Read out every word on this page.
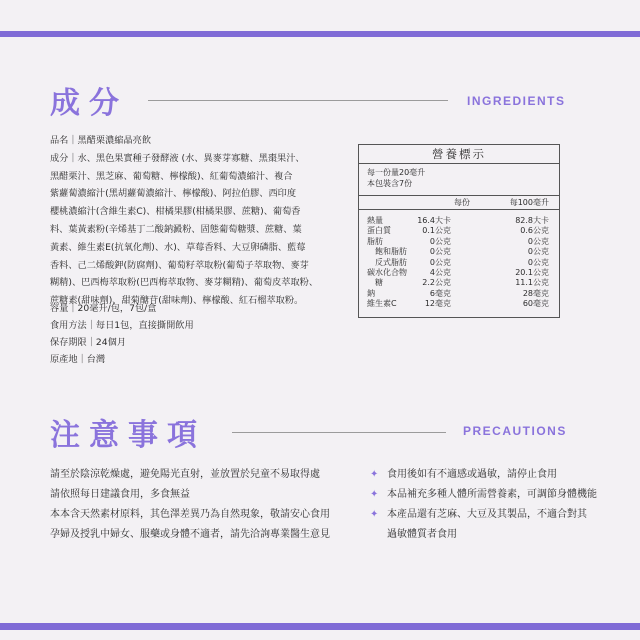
成分	INGREDIENTS

品名｜黑醋栗濃縮晶亮飲

成分｜水、黑色果實種子發酵液 (水、異麥芽寡糖、黑棗果汁、

黑醋栗汁、黑芝麻、葡萄糖、檸檬酸)、紅葡萄濃縮汁、複合

紫蘿蔔濃縮汁(黑胡蘿蔔濃縮汁、檸檬酸)、阿拉伯膠、西印度

櫻桃濃縮汁(含維生素C)、柑橘果膠(柑橘果膠、蔗糖)、葡萄香

料、葉黃素粉(辛烯基丁二酸鈉澱粉、固態葡萄糖漿、蔗糖、葉

黃素、維生素E(抗氧化劑)、水)、草莓香料、大豆卵磷脂、藍莓

香料、己二烯酸鉀(防腐劑)、葡萄籽萃取粉(葡萄子萃取物、麥芽

糊精)、巴西梅萃取粉(巴西梅萃取物、麥芽糊精)、葡萄皮萃取粉、

蔗糖素(甜味劑)、甜菊醣苷(甜味劑)、檸檬酸、紅石榴萃取粉。

容量｜20毫升/包，7包/盒
食用方法｜每日1包，直接撕開飲用
保存期限｜24個月
原產地｜台灣
營養標示
每一份量20毫升
本包裝含7份
每份	每100毫升
熱量	16.4大卡	82.8大卡
蛋白質	0.1公克	0.6公克
脂肪	0公克	0公克
飽和脂肪	0公克	0公克
反式脂肪	0公克	0公克
碳水化合物	4公克	20.1公克
糖	2.2公克	11.1公克
鈉	6毫克	28毫克
維生素C	12毫克	60毫克
注意事項	PRECAUTIONS

請至於陰涼乾燥處，避免陽光直射，並放置於兒童不易取得處

請依照每日建議食用，多食無益

本本含天然素材原料，其色澤差異乃為自然現象，敬請安心食用

孕婦及授乳中婦女、服藥或身體不適者，請先洽詢專業醫生意見

✦ 食用後如有不適感或過敏，請停止食用

✦ 本品補充多種人體所需營養素，可調節身體機能

✦ 本產品還有芝麻、大豆及其製品，不適合對其

過敏體質者食用
